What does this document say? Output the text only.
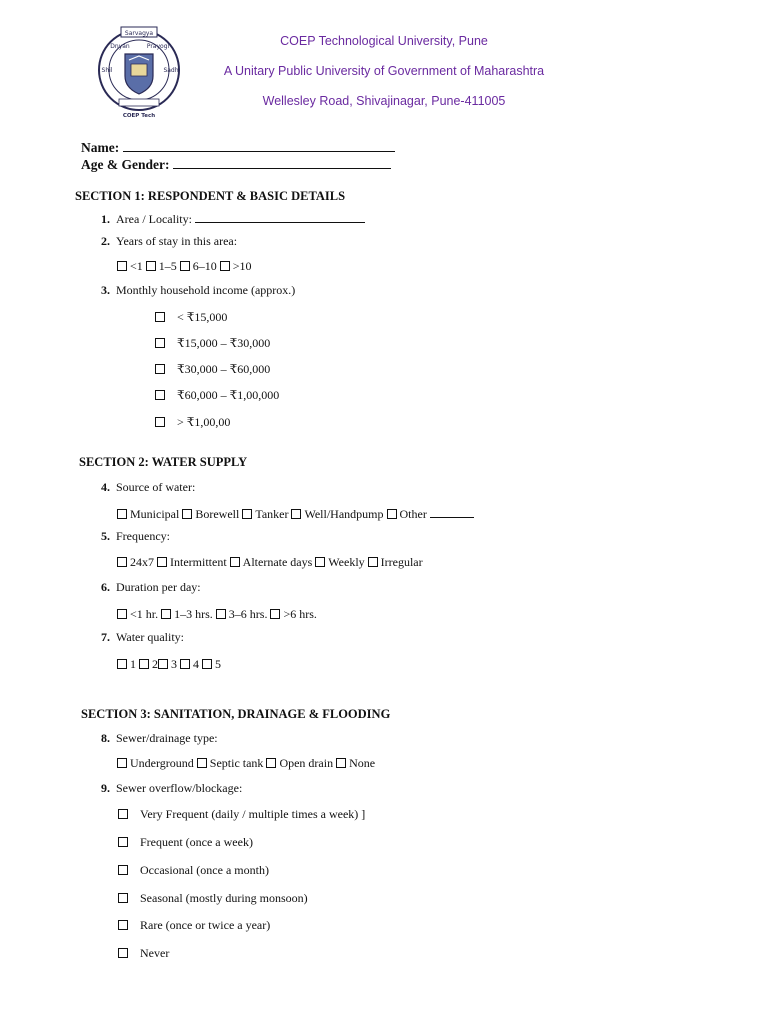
Sarvagya
Dnyan	Prayogi
Shil	Sadh
COEP Tech
COEP Technological University, Pune
A Unitary Public University of Government of Maharashtra
Wellesley Road, Shivajinagar, Pune-411005
Name:
Age & Gender:
SECTION 1: RESPONDENT & BASIC DETAILS
1. Area / Locality:
2. Years of stay in this area:
<1 1–5 6–10 >10
3. Monthly household income (approx.)
< ₹15,000
₹15,000 – ₹30,000
₹30,000 – ₹60,000
₹60,000 – ₹1,00,000
> ₹1,00,00
SECTION 2: WATER SUPPLY
4. Source of water:
Municipal Borewell Tanker Well/Handpump Other
5. Frequency:
24x7 Intermittent Alternate days Weekly Irregular
6. Duration per day:
<1 hr. 1–3 hrs. 3–6 hrs. >6 hrs.
7. Water quality:
1 2 3 4 5
SECTION 3: SANITATION, DRAINAGE & FLOODING
8. Sewer/drainage type:
Underground Septic tank Open drain None
9. Sewer overflow/blockage:
Very Frequent (daily / multiple times a week) ]
Frequent (once a week)
Occasional (once a month)
Seasonal (mostly during monsoon)
Rare (once or twice a year)
Never
